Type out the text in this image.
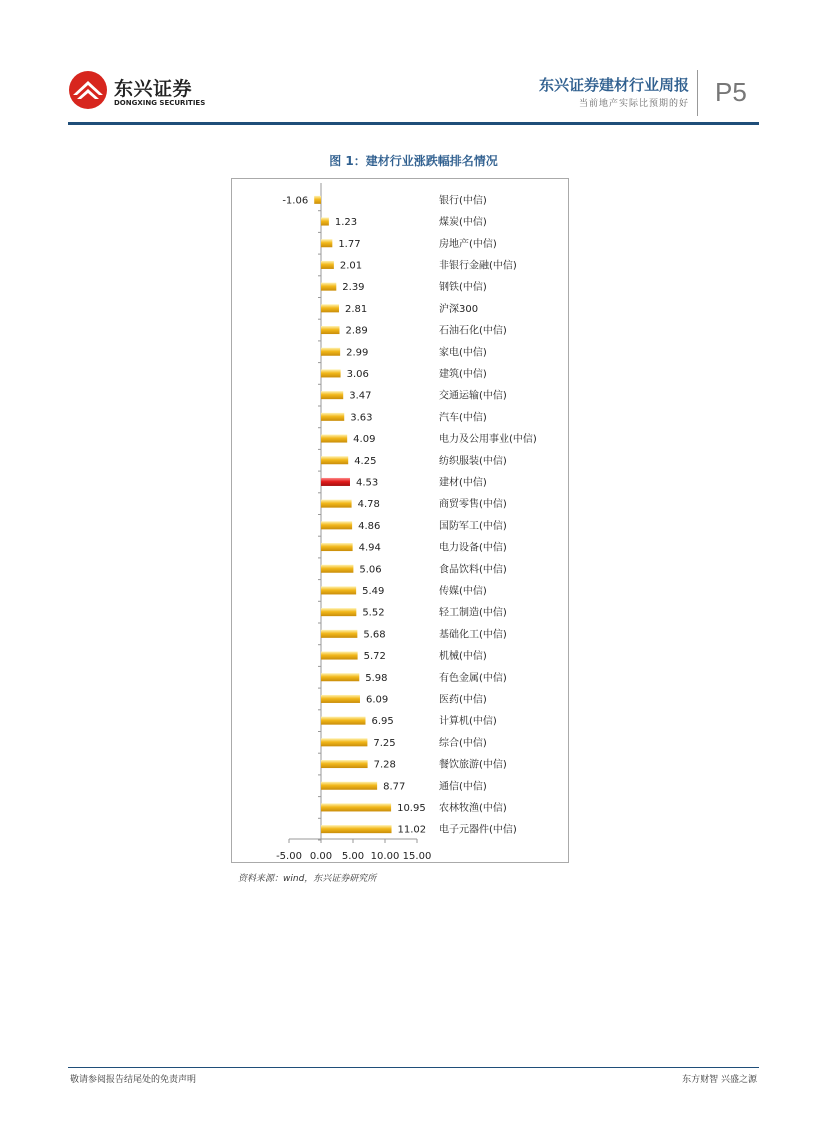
东兴证券
DONGXING SECURITIES
东兴证券建材行业周报
当前地产实际比预期的好 P5
图 1：建材行业涨跌幅排名情况
-1.06	银行(中信)
1.23	煤炭(中信)
1.77	房地产(中信)
2.01	非银行金融(中信)
2.39	钢铁(中信)
2.81	沪深300
2.89	石油石化(中信)
2.99	家电(中信)
3.06	建筑(中信)
3.47	交通运输(中信)
3.63	汽车(中信)
4.09	电力及公用事业(中信)
4.25	纺织服装(中信)
4.53	建材(中信)
4.78	商贸零售(中信)
4.86	国防军工(中信)
4.94	电力设备(中信)
5.06	食品饮料(中信)
5.49	传媒(中信)
5.52	轻工制造(中信)
5.68	基础化工(中信)
5.72	机械(中信)
5.98	有色金属(中信)
6.09	医药(中信)
6.95	计算机(中信)
7.25	综合(中信)
7.28	餐饮旅游(中信)
8.77	通信(中信)
10.95 农林牧渔(中信)
11.02 电子元器件(中信)
-5.00 0.00 5.00 10.00 15.00
资料来源：wind，东兴证券研究所
敬请参阅报告结尾处的免责声明	东方财智 兴盛之源
